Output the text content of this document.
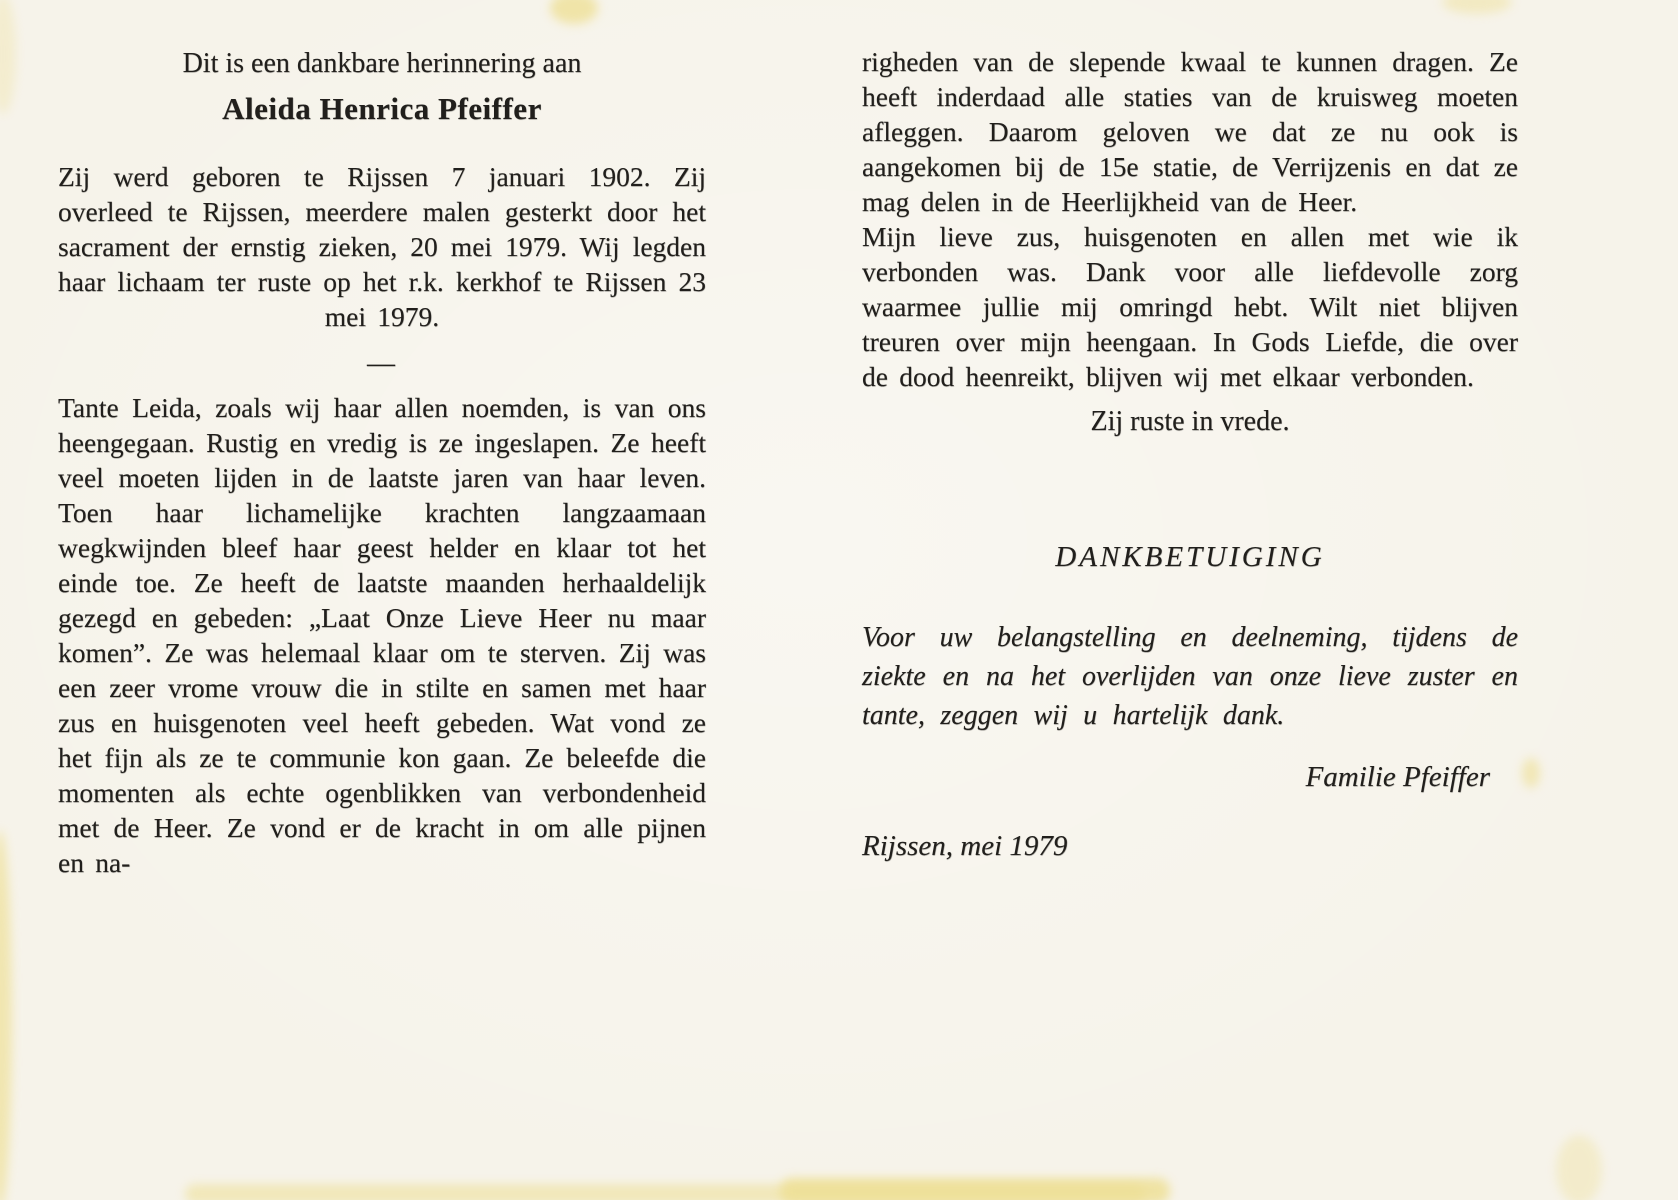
Dit is een dankbare herinnering aan

Aleida Henrica Pfeiffer

Zij werd geboren te Rijssen 7 januari 1902. Zij overleed te Rijssen, meerdere malen gesterkt door het sacrament der ernstig zieken, 20 mei 1979. Wij legden haar lichaam ter ruste op het r.k. kerkhof te Rijssen 23 mei 1979.

—

Tante Leida, zoals wij haar allen noemden, is van ons heengegaan. Rustig en vredig is ze ingeslapen. Ze heeft veel moeten lijden in de laatste jaren van haar leven. Toen haar lichamelijke krachten langzaamaan wegkwijnden bleef haar geest helder en klaar tot het einde toe. Ze heeft de laatste maanden herhaaldelijk gezegd en gebeden: „Laat Onze Lieve Heer nu maar komen”. Ze was helemaal klaar om te sterven. Zij was een zeer vrome vrouw die in stilte en samen met haar zus en huisgenoten veel heeft gebeden. Wat vond ze het fijn als ze te communie kon gaan. Ze beleefde die momenten als echte ogenblikken van verbondenheid met de Heer. Ze vond er de kracht in om alle pijnen en na-

righeden van de slepende kwaal te kunnen dragen. Ze heeft inderdaad alle staties van de kruisweg moeten afleggen. Daarom geloven we dat ze nu ook is aangekomen bij de 15e statie, de Verrijzenis en dat ze mag delen in de Heerlijkheid van de Heer.

Mijn lieve zus, huisgenoten en allen met wie ik verbonden was. Dank voor alle liefdevolle zorg waarmee jullie mij omringd hebt. Wilt niet blijven treuren over mijn heengaan. In Gods Liefde, die over de dood heenreikt, blijven wij met elkaar verbonden.

Zij ruste in vrede.

DANKBETUIGING

Voor uw belangstelling en deelneming, tijdens de ziekte en na het overlijden van onze lieve zuster en tante, zeggen wij u hartelijk dank.

Familie Pfeiffer

Rijssen, mei 1979
